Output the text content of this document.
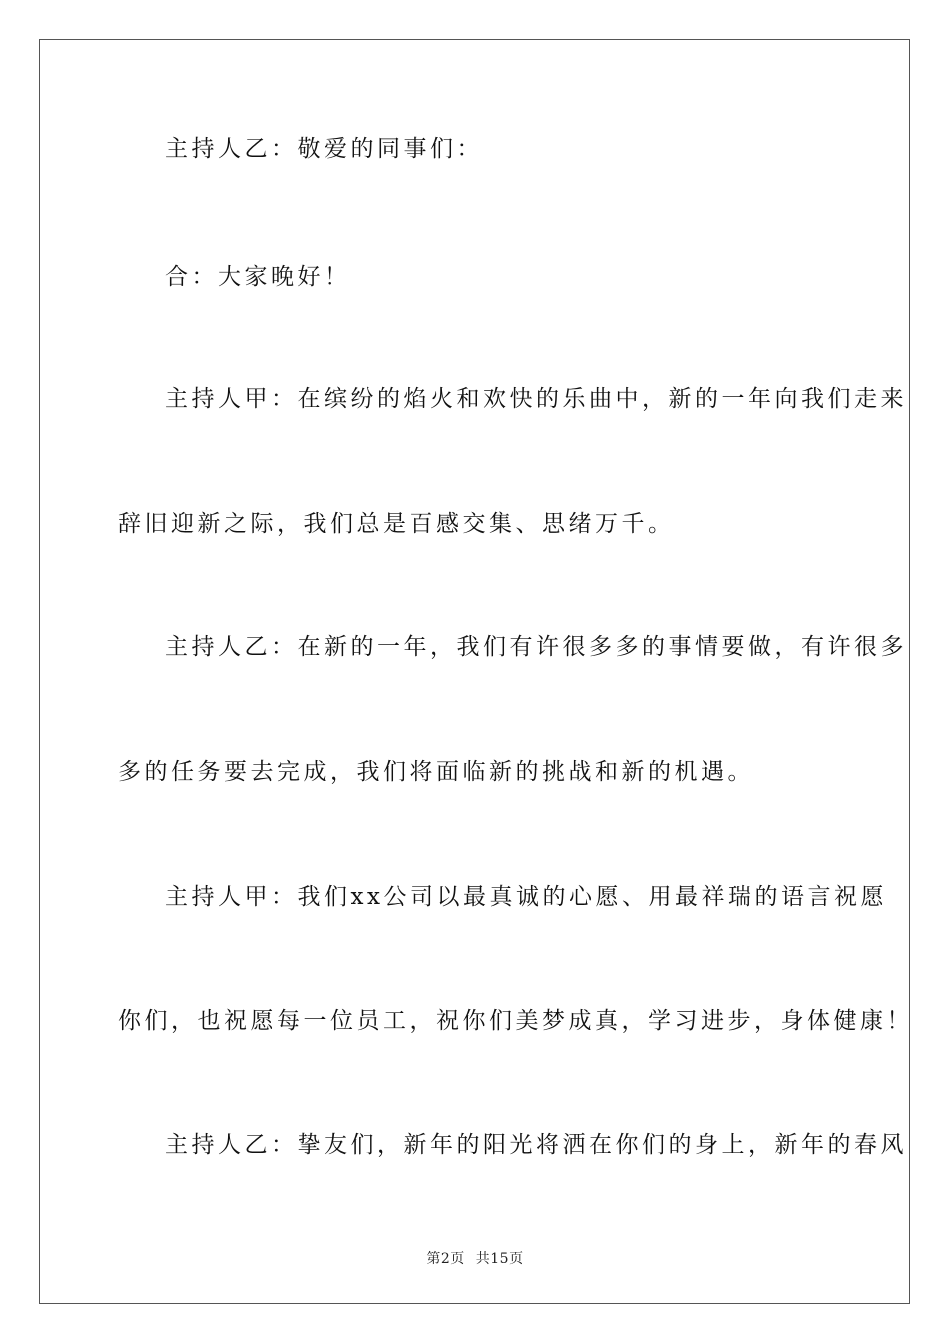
主持人乙：敬爱的同事们：
合：大家晚好！
主持人甲：在缤纷的焰火和欢快的乐曲中，新的一年向我们走来
辞旧迎新之际，我们总是百感交集、思绪万千。
主持人乙：在新的一年，我们有许很多多的事情要做，有许很多
多的任务要去完成，我们将面临新的挑战和新的机遇。
主持人甲：我们xx公司以最真诚的心愿、用最祥瑞的语言祝愿
你们，也祝愿每一位员工，祝你们美梦成真，学习进步，身体健康！
主持人乙：挚友们，新年的阳光将洒在你们的身上，新年的春风
第2页 共15页
